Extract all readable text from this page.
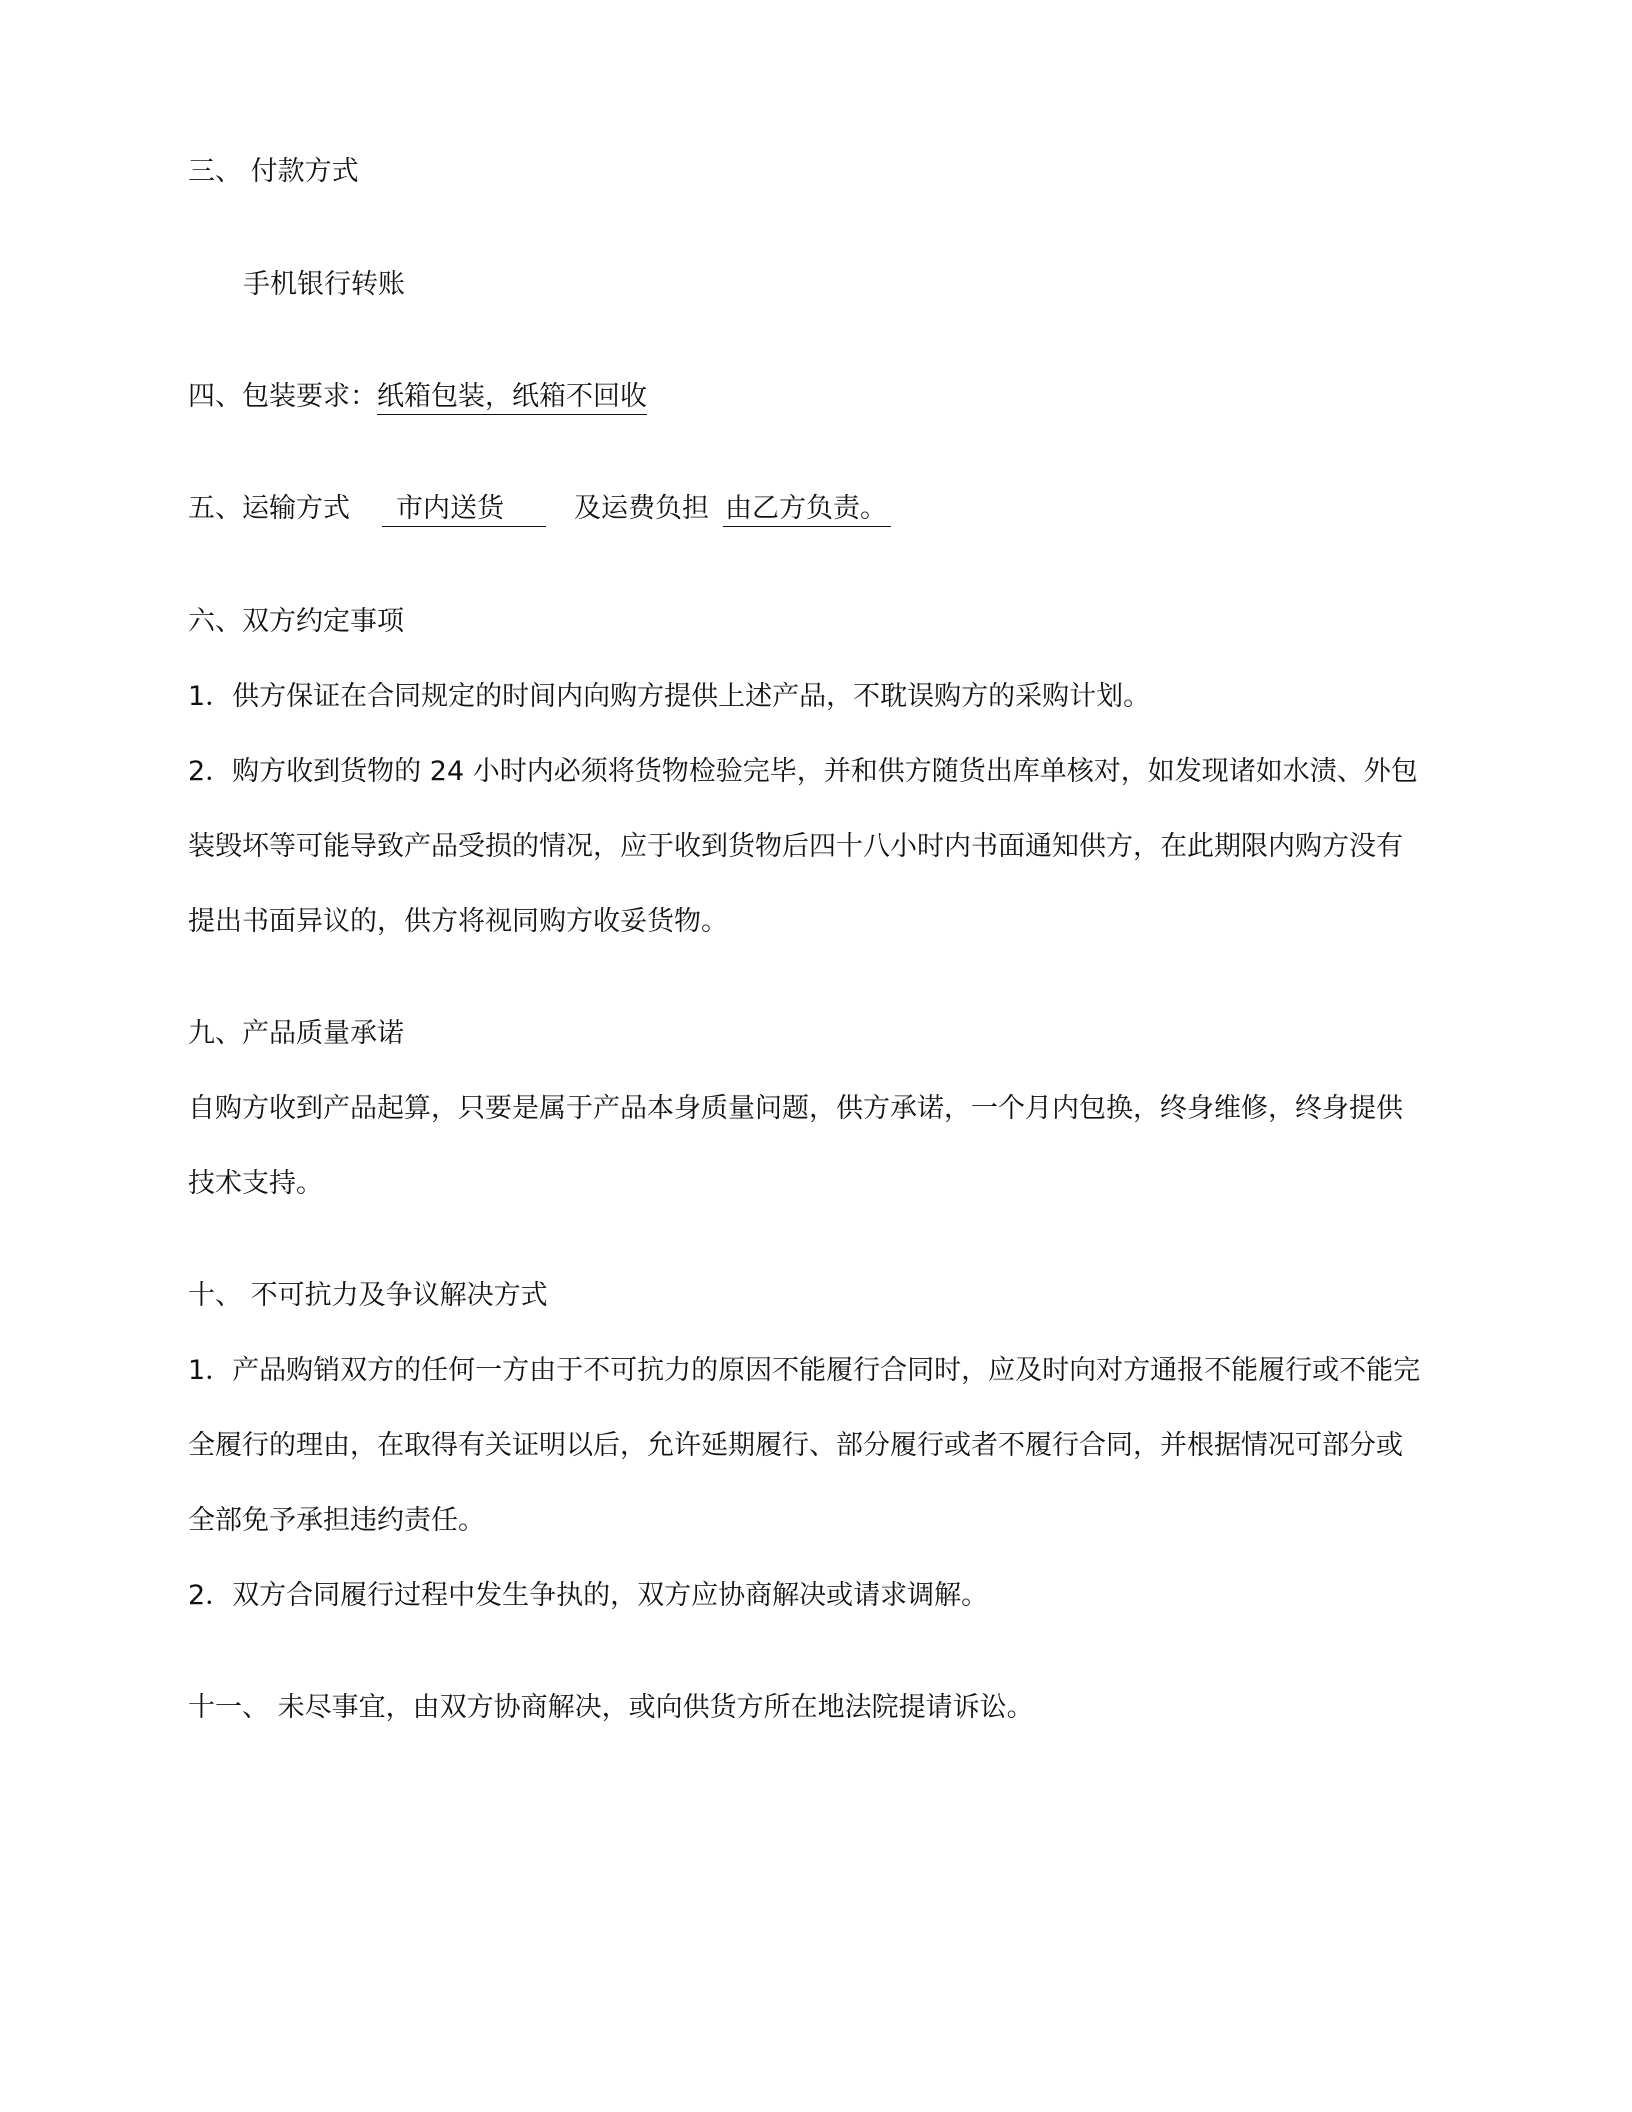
三、 付款方式
手机银行转账
四、包装要求：纸箱包装，纸箱不回收
五、运输方式 市内送货	及运费负担 由乙方负责。
六、双方约定事项
1．供方保证在合同规定的时间内向购方提供上述产品，不耽误购方的采购计划。
2．购方收到货物的 24 小时内必须将货物检验完毕，并和供方随货出库单核对，如发现诸如水渍、外包
装毁坏等可能导致产品受损的情况，应于收到货物后四十八小时内书面通知供方，在此期限内购方没有
提出书面异议的，供方将视同购方收妥货物。
九、产品质量承诺
自购方收到产品起算，只要是属于产品本身质量问题，供方承诺，一个月内包换，终身维修，终身提供
技术支持。
十、 不可抗力及争议解决方式
1．产品购销双方的任何一方由于不可抗力的原因不能履行合同时，应及时向对方通报不能履行或不能完
全履行的理由，在取得有关证明以后，允许延期履行、部分履行或者不履行合同，并根据情况可部分或
全部免予承担违约责任。
2．双方合同履行过程中发生争执的，双方应协商解决或请求调解。
十一、 未尽事宜，由双方协商解决，或向供货方所在地法院提请诉讼。
